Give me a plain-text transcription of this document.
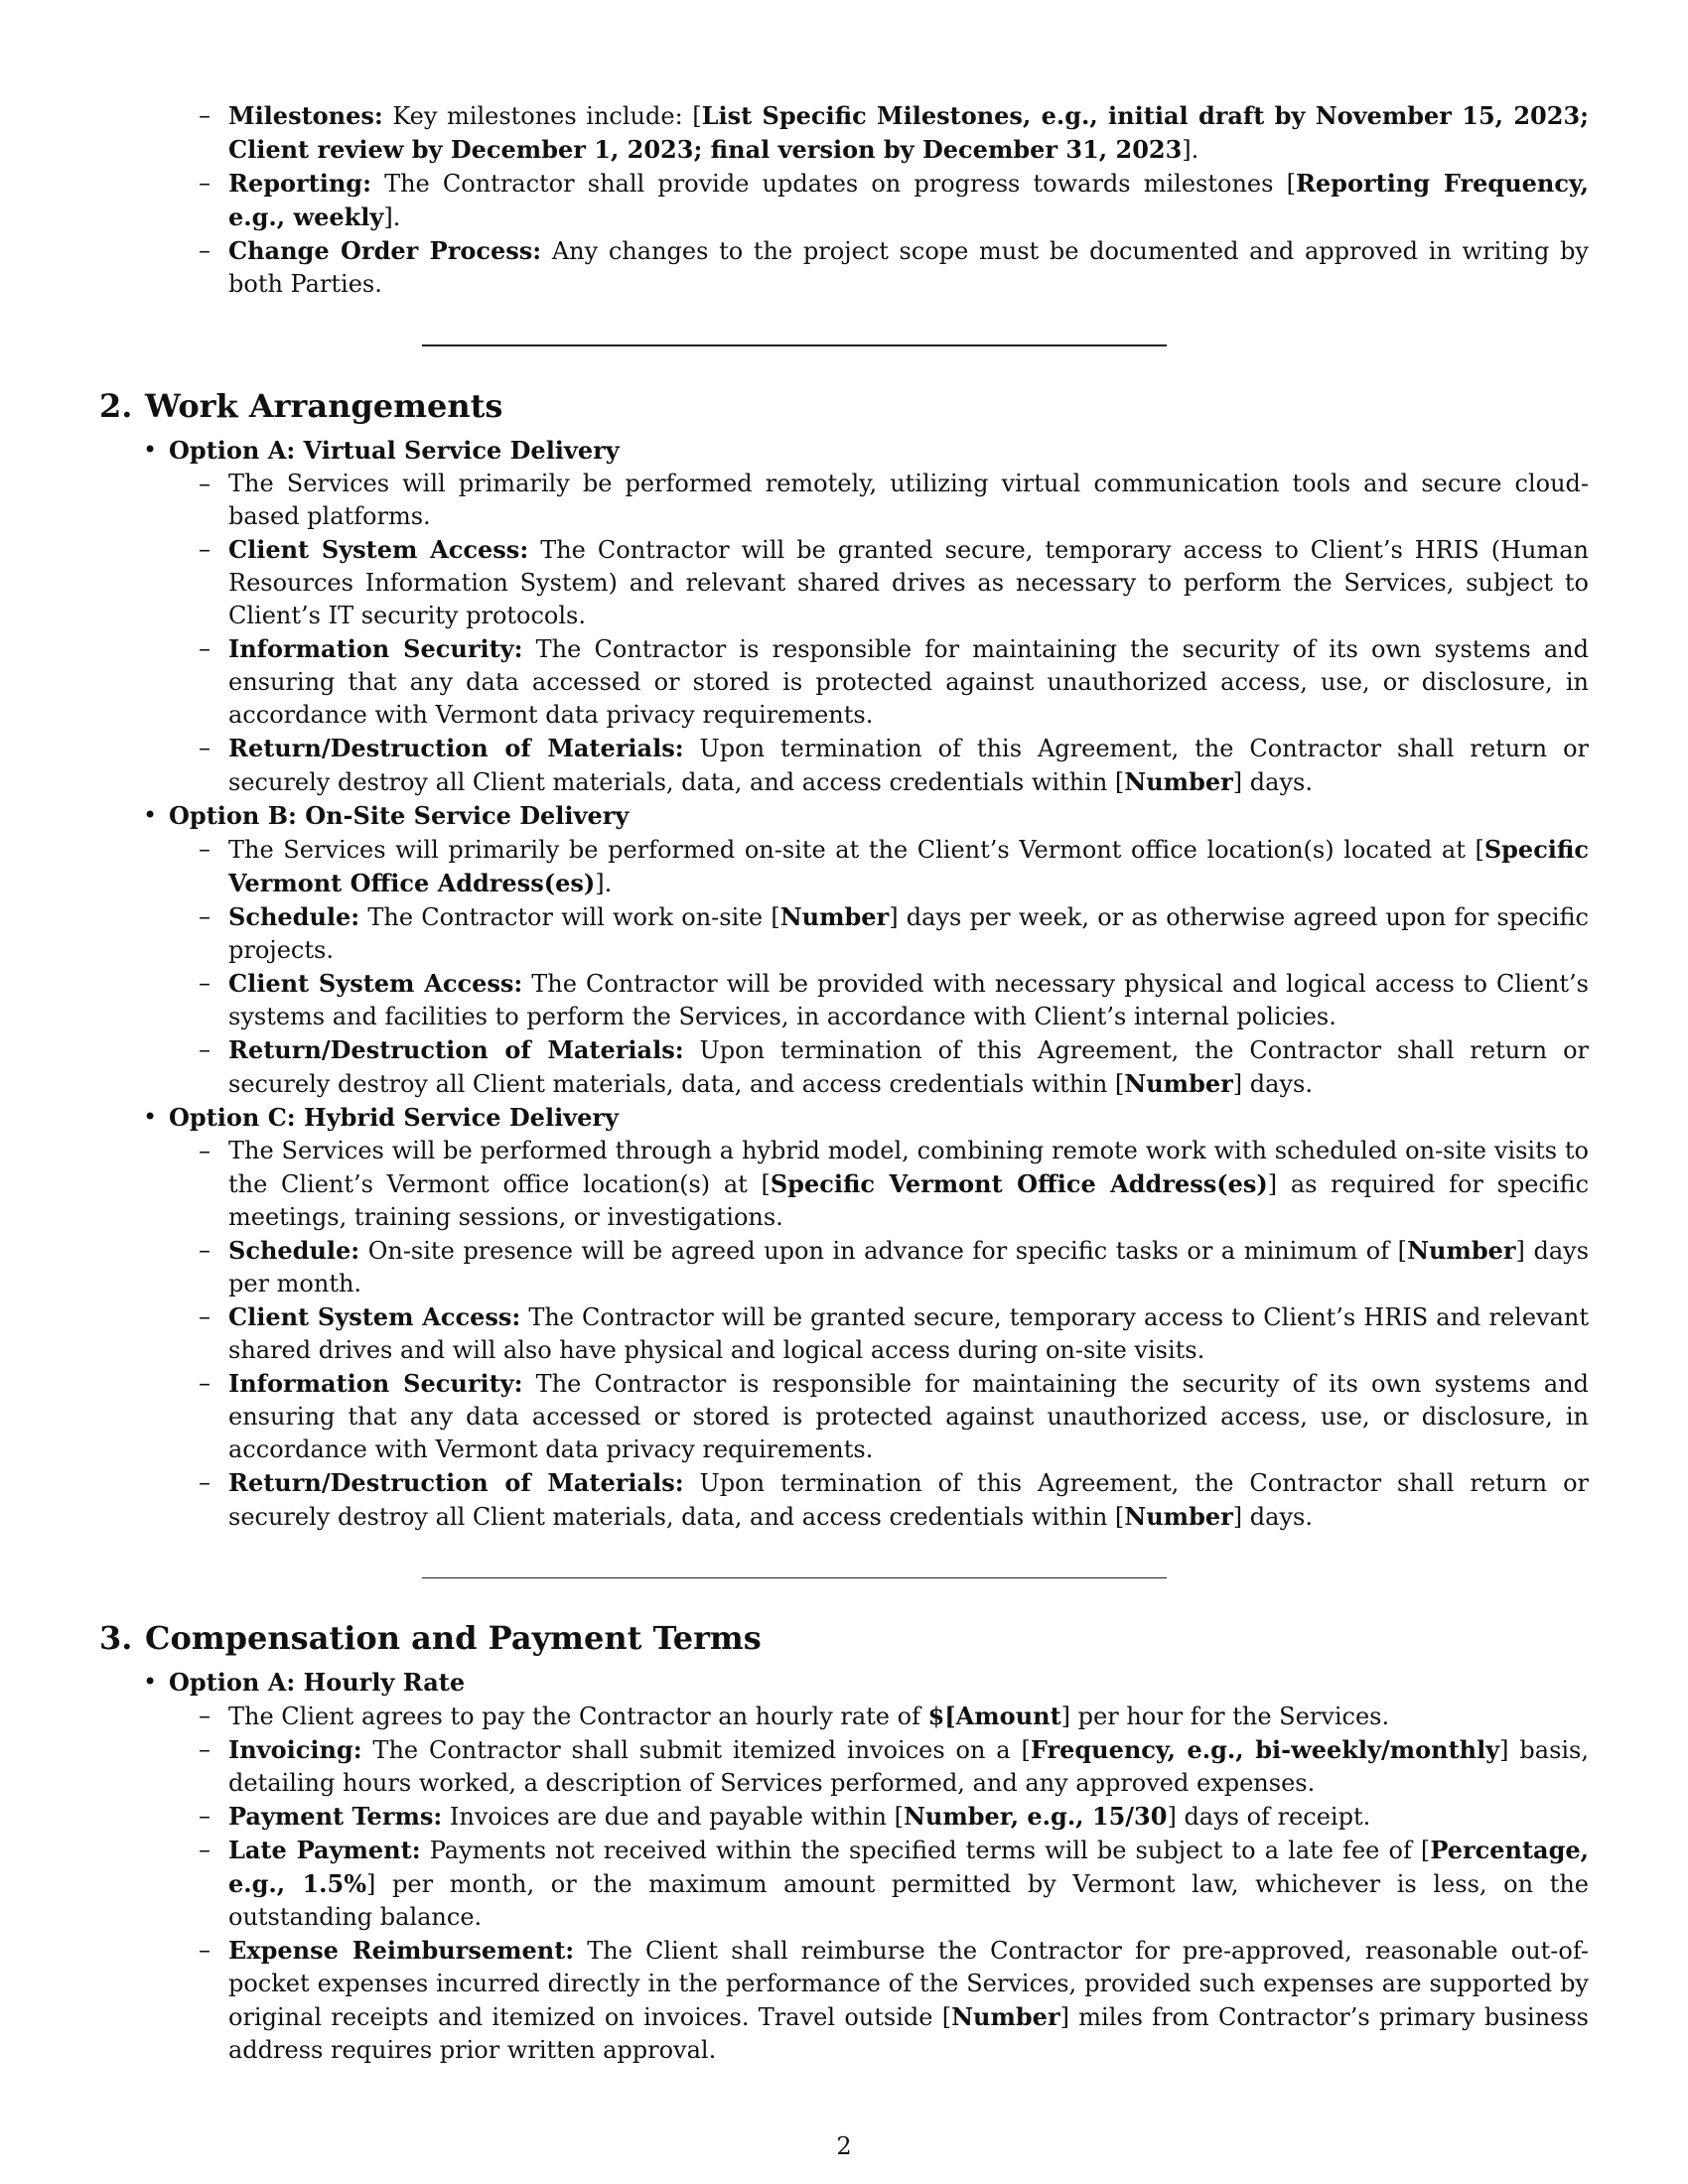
– Milestones: Key milestones include: [List Specific Milestones, e.g., initial draft by November 15, 2023; Client review by December 1, 2023; final version by December 31, 2023].
– Reporting: The Contractor shall provide updates on progress towards milestones [Reporting Frequency, e.g., weekly].
– Change Order Process: Any changes to the project scope must be documented and approved in writing by both Parties.
2. Work Arrangements
• Option A: Virtual Service Delivery
– The Services will primarily be performed remotely, utilizing virtual communication tools and secure cloud-based platforms.
– Client System Access: The Contractor will be granted secure, temporary access to Client’s HRIS (Human Resources Information System) and relevant shared drives as necessary to perform the Services, subject to Client’s IT security protocols.
– Information Security: The Contractor is responsible for maintaining the security of its own systems and ensuring that any data accessed or stored is protected against unauthorized access, use, or disclosure, in accordance with Vermont data privacy requirements.
– Return/Destruction of Materials: Upon termination of this Agreement, the Contractor shall return or securely destroy all Client materials, data, and access credentials within [Number] days.
• Option B: On-Site Service Delivery
– The Services will primarily be performed on-site at the Client’s Vermont office location(s) located at [Specific Vermont Office Address(es)].
– Schedule: The Contractor will work on-site [Number] days per week, or as otherwise agreed upon for specific projects.
– Client System Access: The Contractor will be provided with necessary physical and logical access to Client’s systems and facilities to perform the Services, in accordance with Client’s internal policies.
– Return/Destruction of Materials: Upon termination of this Agreement, the Contractor shall return or securely destroy all Client materials, data, and access credentials within [Number] days.
• Option C: Hybrid Service Delivery
– The Services will be performed through a hybrid model, combining remote work with scheduled on-site visits to the Client’s Vermont office location(s) at [Specific Vermont Office Address(es)] as required for specific meetings, training sessions, or investigations.
– Schedule: On-site presence will be agreed upon in advance for specific tasks or a minimum of [Number] days per month.
– Client System Access: The Contractor will be granted secure, temporary access to Client’s HRIS and relevant shared drives and will also have physical and logical access during on-site visits.
– Information Security: The Contractor is responsible for maintaining the security of its own systems and ensuring that any data accessed or stored is protected against unauthorized access, use, or disclosure, in accordance with Vermont data privacy requirements.
– Return/Destruction of Materials: Upon termination of this Agreement, the Contractor shall return or securely destroy all Client materials, data, and access credentials within [Number] days.
3. Compensation and Payment Terms
• Option A: Hourly Rate
– The Client agrees to pay the Contractor an hourly rate of $[Amount] per hour for the Services.
– Invoicing: The Contractor shall submit itemized invoices on a [Frequency, e.g., bi-weekly/monthly] basis, detailing hours worked, a description of Services performed, and any approved expenses.
– Payment Terms: Invoices are due and payable within [Number, e.g., 15/30] days of receipt.
– Late Payment: Payments not received within the specified terms will be subject to a late fee of [Percentage, e.g., 1.5%] per month, or the maximum amount permitted by Vermont law, whichever is less, on the outstanding balance.
– Expense Reimbursement: The Client shall reimburse the Contractor for pre-approved, reasonable out-of-pocket expenses incurred directly in the performance of the Services, provided such expenses are supported by original receipts and itemized on invoices. Travel outside [Number] miles from Contractor’s primary business address requires prior written approval.
2
